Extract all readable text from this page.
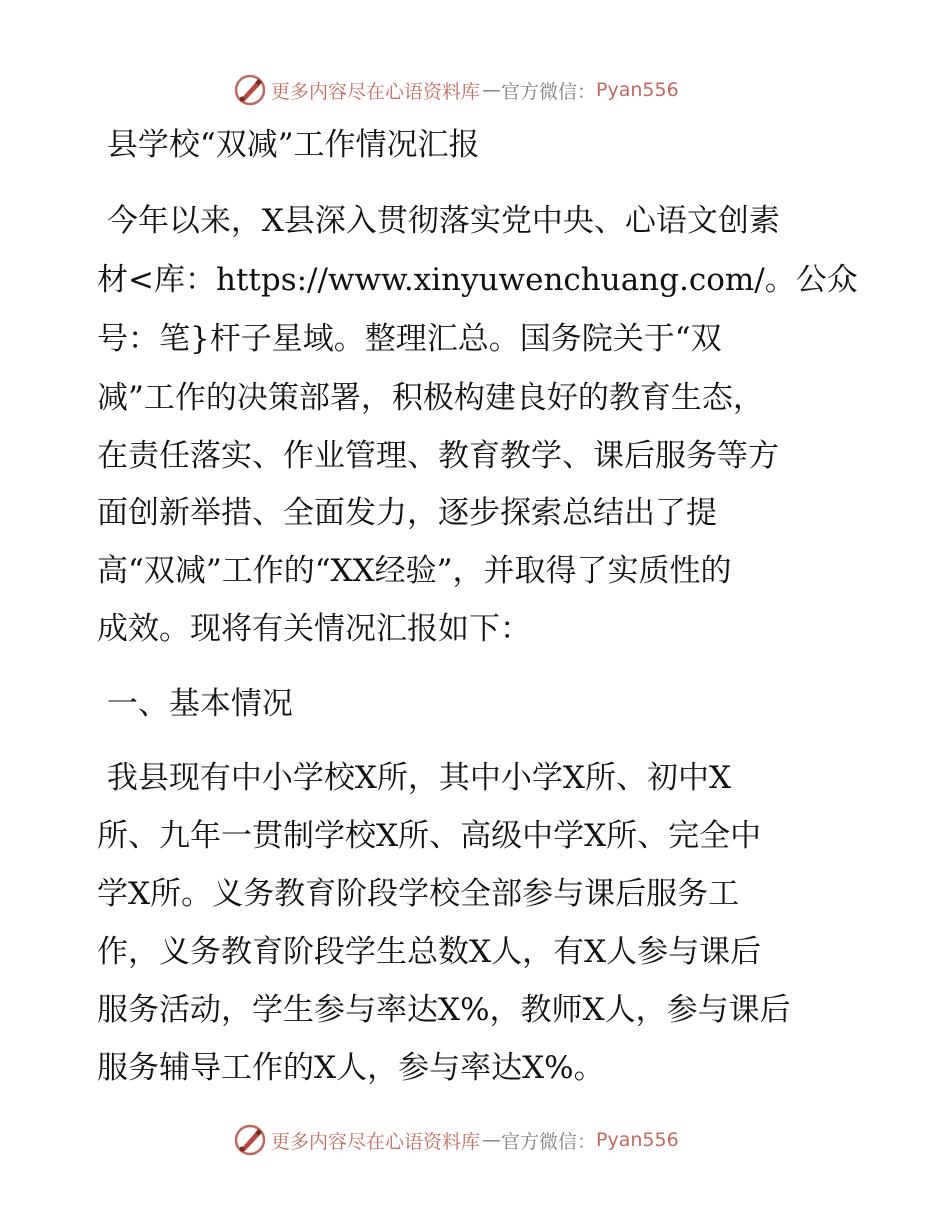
更多内容尽在心语资料库 — 官方微信： Pyan556
县学校“双减”工作情况汇报
今年以来，X县深入贯彻落实党中央、心语文创素
材<库：https://www.xinyuwenchuang.com/。公众
号：笔}杆子星域。整理汇总。国务院关于“双
减”工作的决策部署，积极构建良好的教育生态，
在责任落实、作业管理、教育教学、课后服务等方
面创新举措、全面发力，逐步探索总结出了提
高“双减”工作的“XX经验”，并取得了实质性的
成效。现将有关情况汇报如下：
一、基本情况
我县现有中小学校X所，其中小学X所、初中X
所、九年一贯制学校X所、高级中学X所、完全中
学X所。义务教育阶段学校全部参与课后服务工
作，义务教育阶段学生总数X人，有X人参与课后
服务活动，学生参与率达X%，教师X人，参与课后
服务辅导工作的X人，参与率达X%。
更多内容尽在心语资料库 — 官方微信： Pyan556
